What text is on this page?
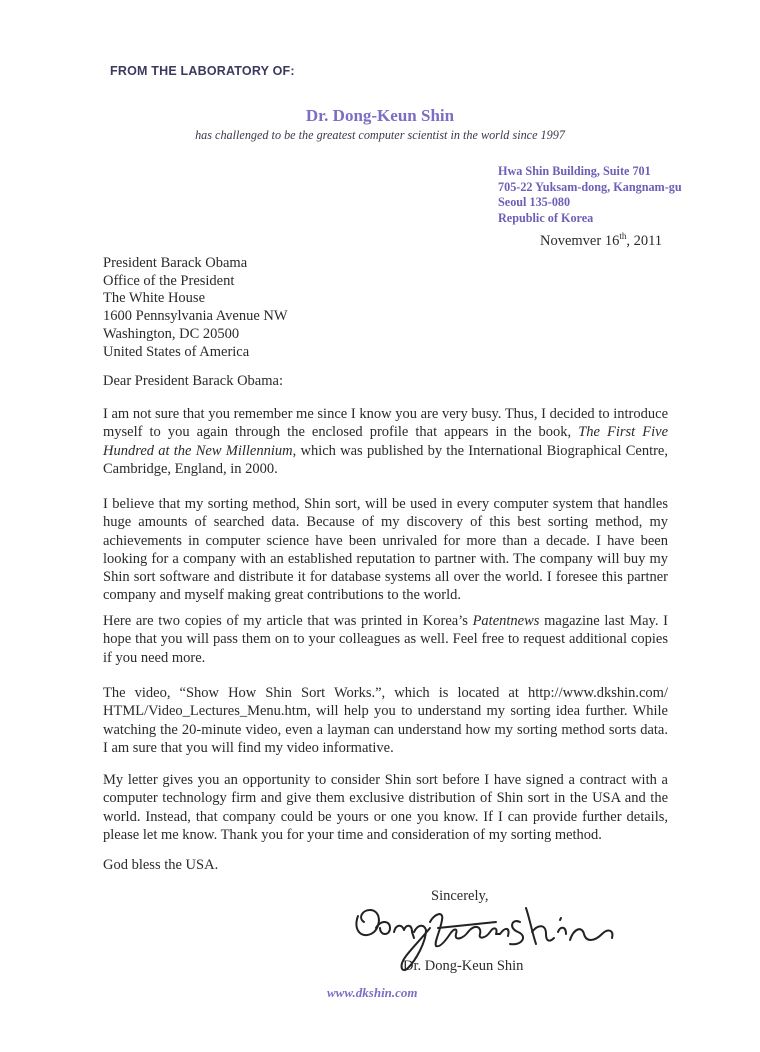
FROM THE LABORATORY OF:
Dr. Dong-Keun Shin
has challenged to be the greatest computer scientist in the world since 1997
Hwa Shin Building, Suite 701
705-22 Yuksam-dong, Kangnam-gu
Seoul 135-080
Republic of Korea
Novemver 16th, 2011
President Barack Obama
Office of the President
The White House
1600 Pennsylvania Avenue NW
Washington, DC 20500
United States of America
Dear President Barack Obama:
I am not sure that you remember me since I know you are very busy. Thus, I decided to introduce myself to you again through the enclosed profile that appears in the book, The First Five Hundred at the New Millennium, which was published by the International Biographical Centre, Cambridge, England, in 2000.
I believe that my sorting method, Shin sort, will be used in every computer system that handles huge amounts of searched data. Because of my discovery of this best sorting method, my achievements in computer science have been unrivaled for more than a decade. I have been looking for a company with an established reputation to partner with. The company will buy my Shin sort software and distribute it for database systems all over the world. I foresee this partner company and myself making great contributions to the world.
Here are two copies of my article that was printed in Korea’s Patentnews magazine last May. I hope that you will pass them on to your colleagues as well. Feel free to request additional copies if you need more.
The video, “Show How Shin Sort Works.”, which is located at http://www.dkshin.com/ HTML/Video_Lectures_Menu.htm, will help you to understand my sorting idea further. While watching the 20-minute video, even a layman can understand how my sorting method sorts data. I am sure that you will find my video informative.
My letter gives you an opportunity to consider Shin sort before I have signed a contract with a computer technology firm and give them exclusive distribution of Shin sort in the USA and the world. Instead, that company could be yours or one you know. If I can provide further details, please let me know. Thank you for your time and consideration of my sorting method.
God bless the USA.
Sincerely,
Dr. Dong-Keun Shin
www.dkshin.com
